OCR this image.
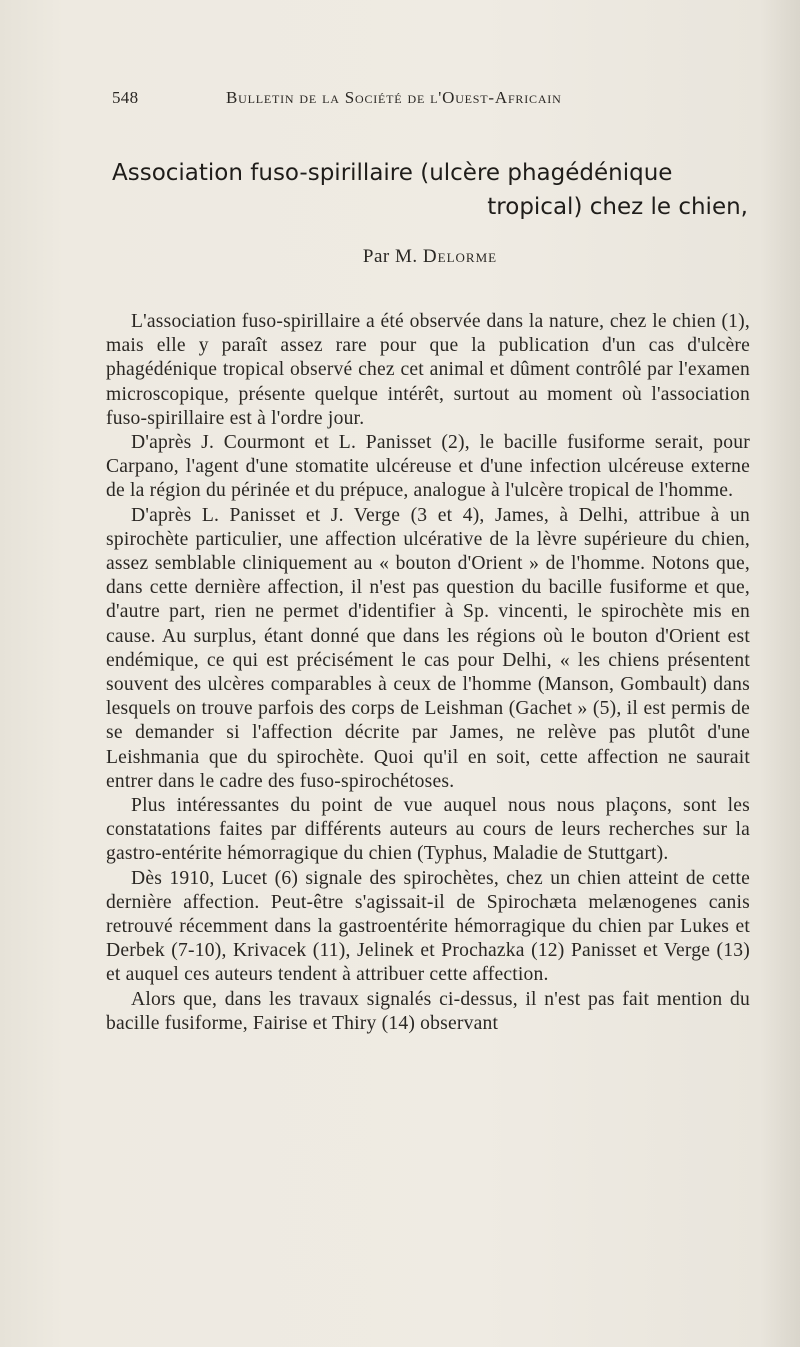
548	Bulletin de la Société de l'Ouest-Africain
Association fuso-spirillaire (ulcère phagédénique
tropical) chez le chien,
Par M. Delorme

L'association fuso-spirillaire a été observée dans la nature, chez le chien (1), mais elle y paraît assez rare pour que la publication d'un cas d'ulcère phagédénique tropical observé chez cet animal et dûment contrôlé par l'examen microscopique, présente quelque intérêt, surtout au moment où l'association fuso-spirillaire est à l'ordre jour.

D'après J. Courmont et L. Panisset (2), le bacille fusiforme serait, pour Carpano, l'agent d'une stomatite ulcéreuse et d'une infection ulcéreuse externe de la région du périnée et du prépuce, analogue à l'ulcère tropical de l'homme.

D'après L. Panisset et J. Verge (3 et 4), James, à Delhi, attribue à un spirochète particulier, une affection ulcérative de la lèvre supérieure du chien, assez semblable cliniquement au « bouton d'Orient » de l'homme. Notons que, dans cette dernière affection, il n'est pas question du bacille fusiforme et que, d'autre part, rien ne permet d'identifier à Sp. vincenti, le spirochète mis en cause. Au surplus, étant donné que dans les régions où le bouton d'Orient est endémique, ce qui est précisément le cas pour Delhi, « les chiens présentent souvent des ulcères comparables à ceux de l'homme (Manson, Gombault) dans lesquels on trouve parfois des corps de Leishman (Gachet » (5), il est permis de se demander si l'affection décrite par James, ne relève pas plutôt d'une Leishmania que du spirochète. Quoi qu'il en soit, cette affection ne saurait entrer dans le cadre des fuso-spirochétoses.

Plus intéressantes du point de vue auquel nous nous plaçons, sont les constatations faites par différents auteurs au cours de leurs recherches sur la gastro-entérite hémorragique du chien (Typhus, Maladie de Stuttgart).

Dès 1910, Lucet (6) signale des spirochètes, chez un chien atteint de cette dernière affection. Peut-être s'agissait-il de Spirochæta melænogenes canis retrouvé récemment dans la gastroentérite hémorragique du chien par Lukes et Derbek (7-10), Krivacek (11), Jelinek et Prochazka (12) Panisset et Verge (13) et auquel ces auteurs tendent à attribuer cette affection.

Alors que, dans les travaux signalés ci-dessus, il n'est pas fait mention du bacille fusiforme, Fairise et Thiry (14) observant
